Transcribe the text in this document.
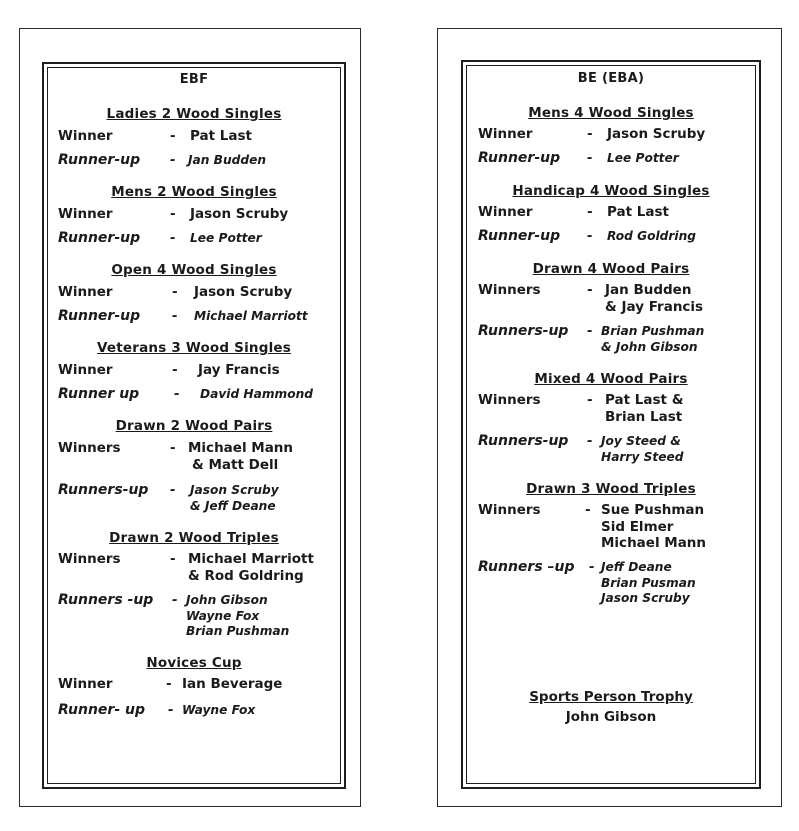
EBF
Ladies 2 Wood Singles
Winner	- Pat Last
Runner-up - Jan Budden
Mens 2 Wood Singles
Winner	- Jason Scruby
Runner-up - Lee Potter
Open 4 Wood Singles
Winner	- Jason Scruby
Runner-up - Michael Marriott
Veterans 3 Wood Singles
Winner	- Jay Francis
Runner up	- David Hammond
Drawn 2 Wood Pairs
Winners	- Michael Mann
& Matt Dell
Runners-up - Jason Scruby
& Jeff Deane
Drawn 2 Wood Triples
Winners	- Michael Marriott
& Rod Goldring
Runners -up - John Gibson
Wayne Fox
Brian Pushman
Novices Cup
Winner	- Ian Beverage
Runner- up - Wayne Fox
BE (EBA)
Mens 4 Wood Singles
Winner	- Jason Scruby
Runner-up - Lee Potter
Handicap 4 Wood Singles
Winner	- Pat Last
Runner-up - Rod Goldring
Drawn 4 Wood Pairs
Winners	- Jan Budden
& Jay Francis
Runners-up - Brian Pushman
& John Gibson
Mixed 4 Wood Pairs
Winners	- Pat Last &
Brian Last
Runners-up - Joy Steed &
Harry Steed
Drawn 3 Wood Triples
Winners	- Sue Pushman
Sid Elmer
Michael Mann
Runners –up - Jeff Deane
Brian Pusman
Jason Scruby
Sports Person Trophy
John Gibson
